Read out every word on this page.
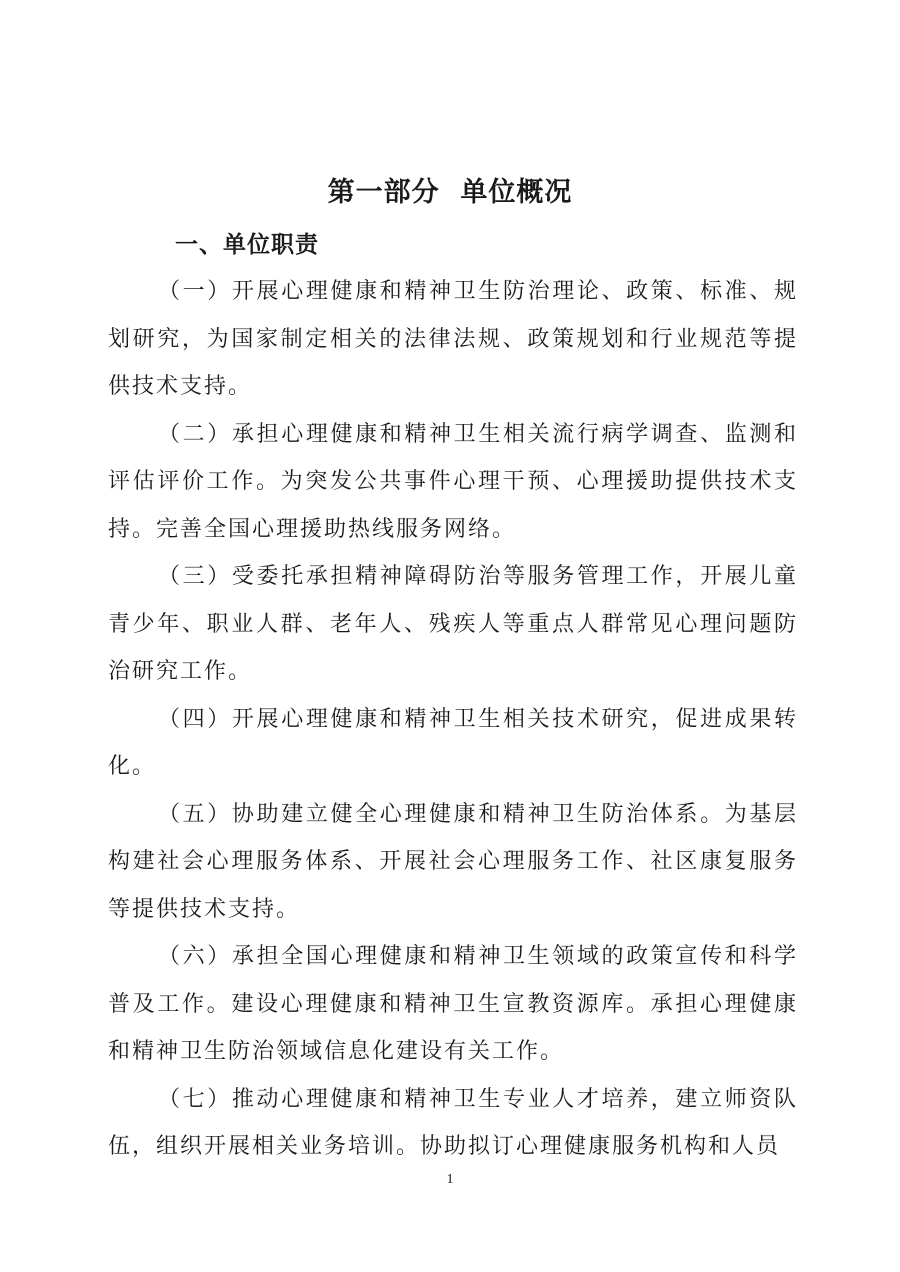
第一部分  单位概况
一、单位职责

（一）开展心理健康和精神卫生防治理论、政策、标准、规划研究，为国家制定相关的法律法规、政策规划和行业规范等提供技术支持。

（二）承担心理健康和精神卫生相关流行病学调查、监测和评估评价工作。为突发公共事件心理干预、心理援助提供技术支持。完善全国心理援助热线服务网络。

（三）受委托承担精神障碍防治等服务管理工作，开展儿童青少年、职业人群、老年人、残疾人等重点人群常见心理问题防治研究工作。

（四）开展心理健康和精神卫生相关技术研究，促进成果转化。

（五）协助建立健全心理健康和精神卫生防治体系。为基层构建社会心理服务体系、开展社会心理服务工作、社区康复服务等提供技术支持。

（六）承担全国心理健康和精神卫生领域的政策宣传和科学普及工作。建设心理健康和精神卫生宣教资源库。承担心理健康和精神卫生防治领域信息化建设有关工作。

（七）推动心理健康和精神卫生专业人才培养，建立师资队伍，组织开展相关业务培训。协助拟订心理健康服务机构和人员

1
